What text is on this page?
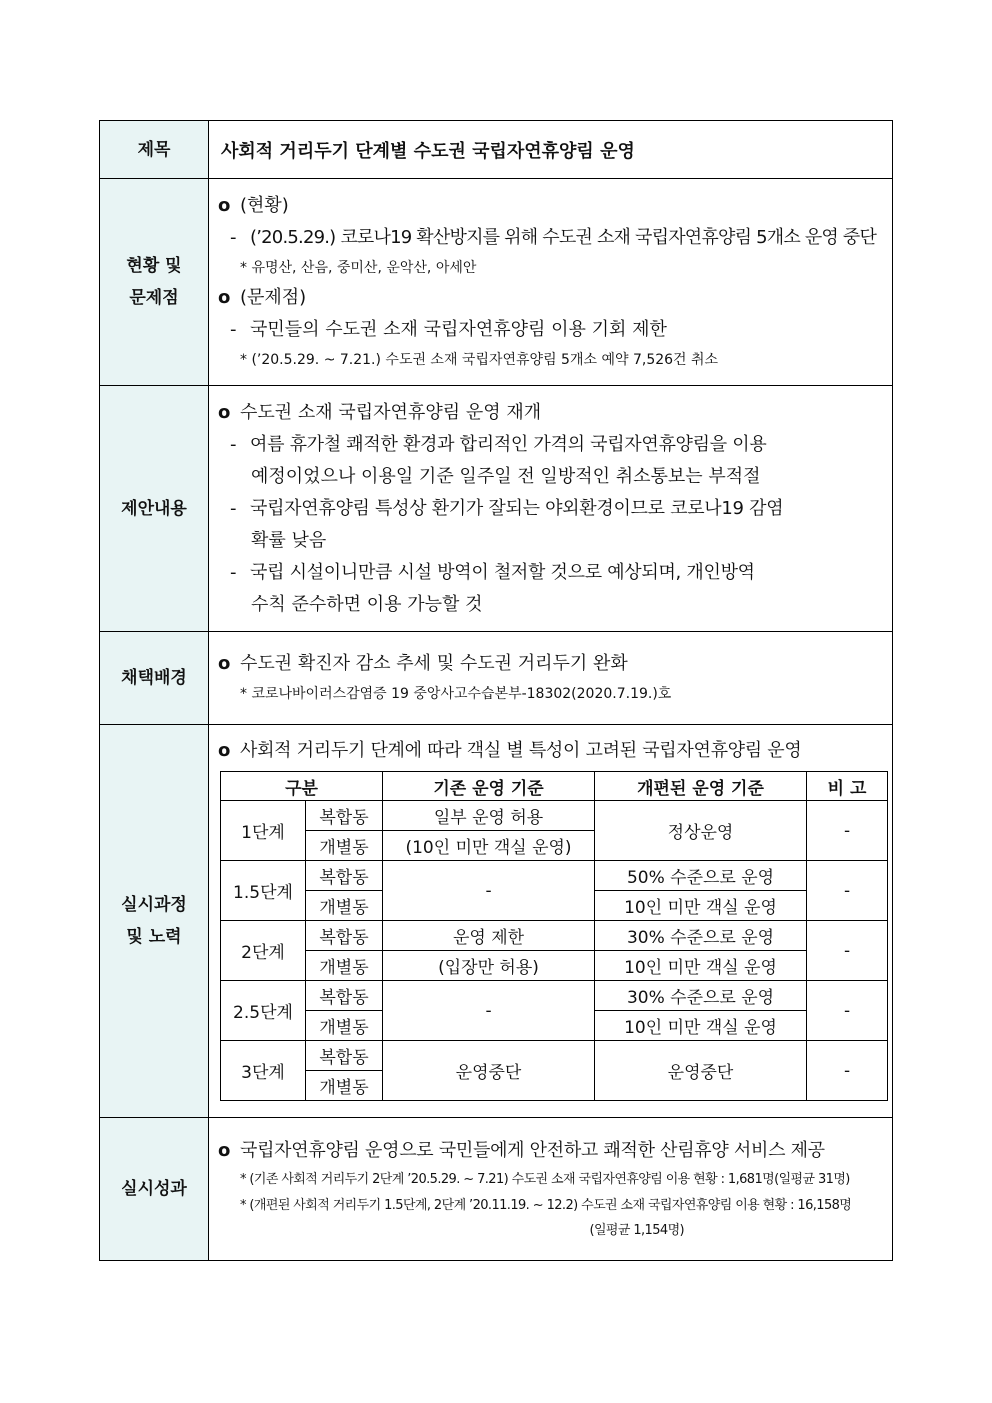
제목	사회적 거리두기 단계별 수도권 국립자연휴양림 운영

현황 및
문제점

o (현황)
- (’20.5.29.) 코로나19 확산방지를 위해 수도권 소재 국립자연휴양림 5개소 운영 중단
* 유명산, 산음, 중미산, 운악산, 아세안
o (문제점)
- 국민들의 수도권 소재 국립자연휴양림 이용 기회 제한
* (’20.5.29. ~ 7.21.) 수도권 소재 국립자연휴양림 5개소 예약 7,526건 취소

제안내용

o 수도권 소재 국립자연휴양림 운영 재개
- 여름 휴가철 쾌적한 환경과 합리적인 가격의 국립자연휴양림을 이용
예정이었으나 이용일 기준 일주일 전 일방적인 취소통보는 부적절
- 국립자연휴양림 특성상 환기가 잘되는 야외환경이므로 코로나19 감염
확률 낮음
- 국립 시설이니만큼 시설 방역이 철저할 것으로 예상되며, 개인방역
수칙 준수하면 이용 가능할 것

채택배경

o 수도권 확진자 감소 추세 및 수도권 거리두기 완화
* 코로나바이러스감염증 19 중앙사고수습본부-18302(2020.7.19.)호

실시과정
및 노력

o 사회적 거리두기 단계에 따라 객실 별 특성이 고려된 국립자연휴양림 운영
구분	기존 운영 기준	개편된 운영 기준	비 고
1단계	복합동	일부 운영 허용	정상운영	-
개별동	(10인 미만 객실 운영)
1.5단계	복합동	-	50% 수준으로 운영	-
개별동	10인 미만 객실 운영
2단계	복합동	운영 제한	30% 수준으로 운영	-
개별동	(입장만 허용)	10인 미만 객실 운영
2.5단계	복합동	-	30% 수준으로 운영	-
개별동	10인 미만 객실 운영
3단계	복합동	운영중단	운영중단	-
개별동

실시성과

o 국립자연휴양림 운영으로 국민들에게 안전하고 쾌적한 산림휴양 서비스 제공
* (기존 사회적 거리두기 2단계 ’20.5.29. ~ 7.21) 수도권 소재 국립자연휴양림 이용 현황 : 1,681명(일평균 31명)
* (개편된 사회적 거리두기 1.5단계, 2단계 ’20.11.19. ~ 12.2) 수도권 소재 국립자연휴양림 이용 현황 : 16,158명
(일평균 1,154명)
